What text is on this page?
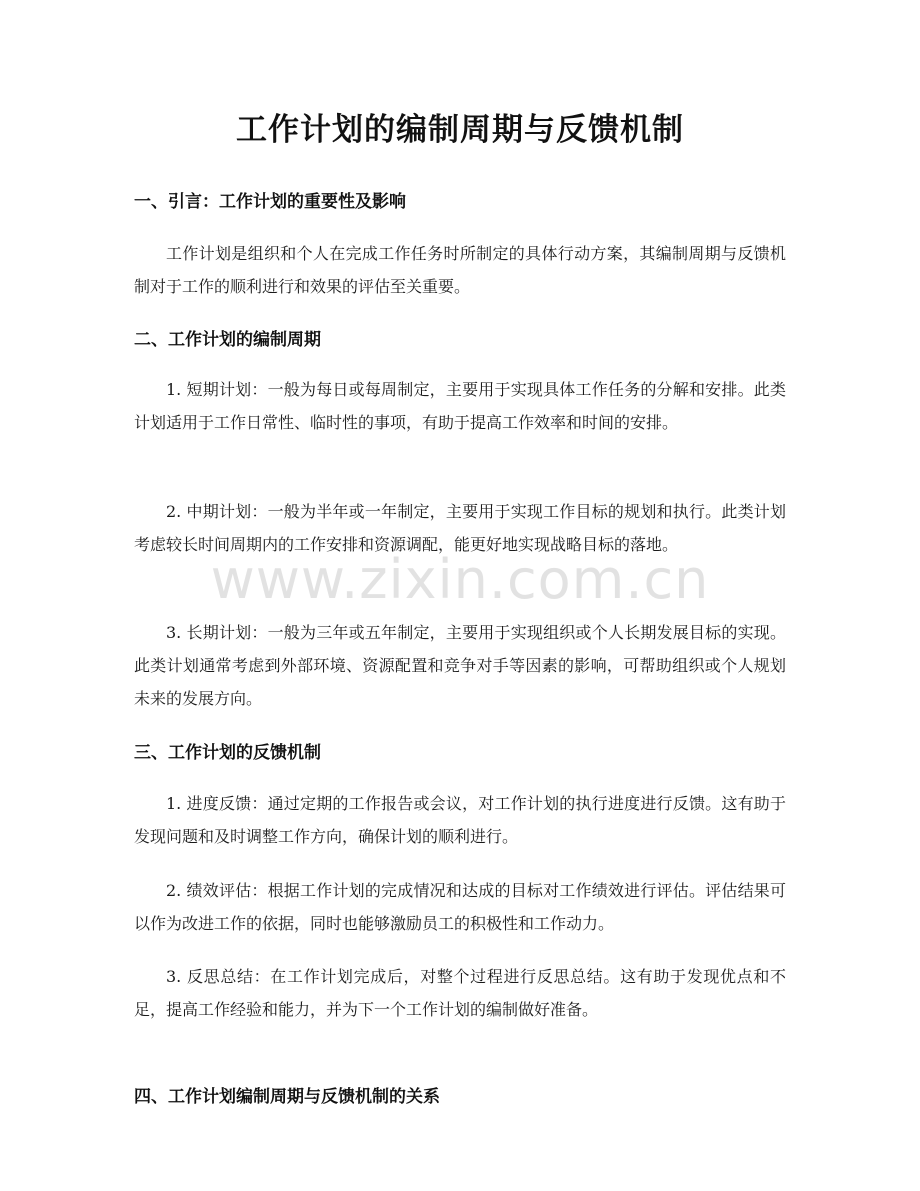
工作计划的编制周期与反馈机制
一、引言：工作计划的重要性及影响

工作计划是组织和个人在完成工作任务时所制定的具体行动方案，其编制周期与反馈机制对于工作的顺利进行和效果的评估至关重要。

二、工作计划的编制周期

1. 短期计划：一般为每日或每周制定，主要用于实现具体工作任务的分解和安排。此类计划适用于工作日常性、临时性的事项，有助于提高工作效率和时间的安排。

2. 中期计划：一般为半年或一年制定，主要用于实现工作目标的规划和执行。此类计划考虑较长时间周期内的工作安排和资源调配，能更好地实现战略目标的落地。

3. 长期计划：一般为三年或五年制定，主要用于实现组织或个人长期发展目标的实现。此类计划通常考虑到外部环境、资源配置和竞争对手等因素的影响，可帮助组织或个人规划未来的发展方向。

三、工作计划的反馈机制

1. 进度反馈：通过定期的工作报告或会议，对工作计划的执行进度进行反馈。这有助于发现问题和及时调整工作方向，确保计划的顺利进行。

2. 绩效评估：根据工作计划的完成情况和达成的目标对工作绩效进行评估。评估结果可以作为改进工作的依据，同时也能够激励员工的积极性和工作动力。

3. 反思总结：在工作计划完成后，对整个过程进行反思总结。这有助于发现优点和不足，提高工作经验和能力，并为下一个工作计划的编制做好准备。

四、工作计划编制周期与反馈机制的关系
www.zixin.com.cn
